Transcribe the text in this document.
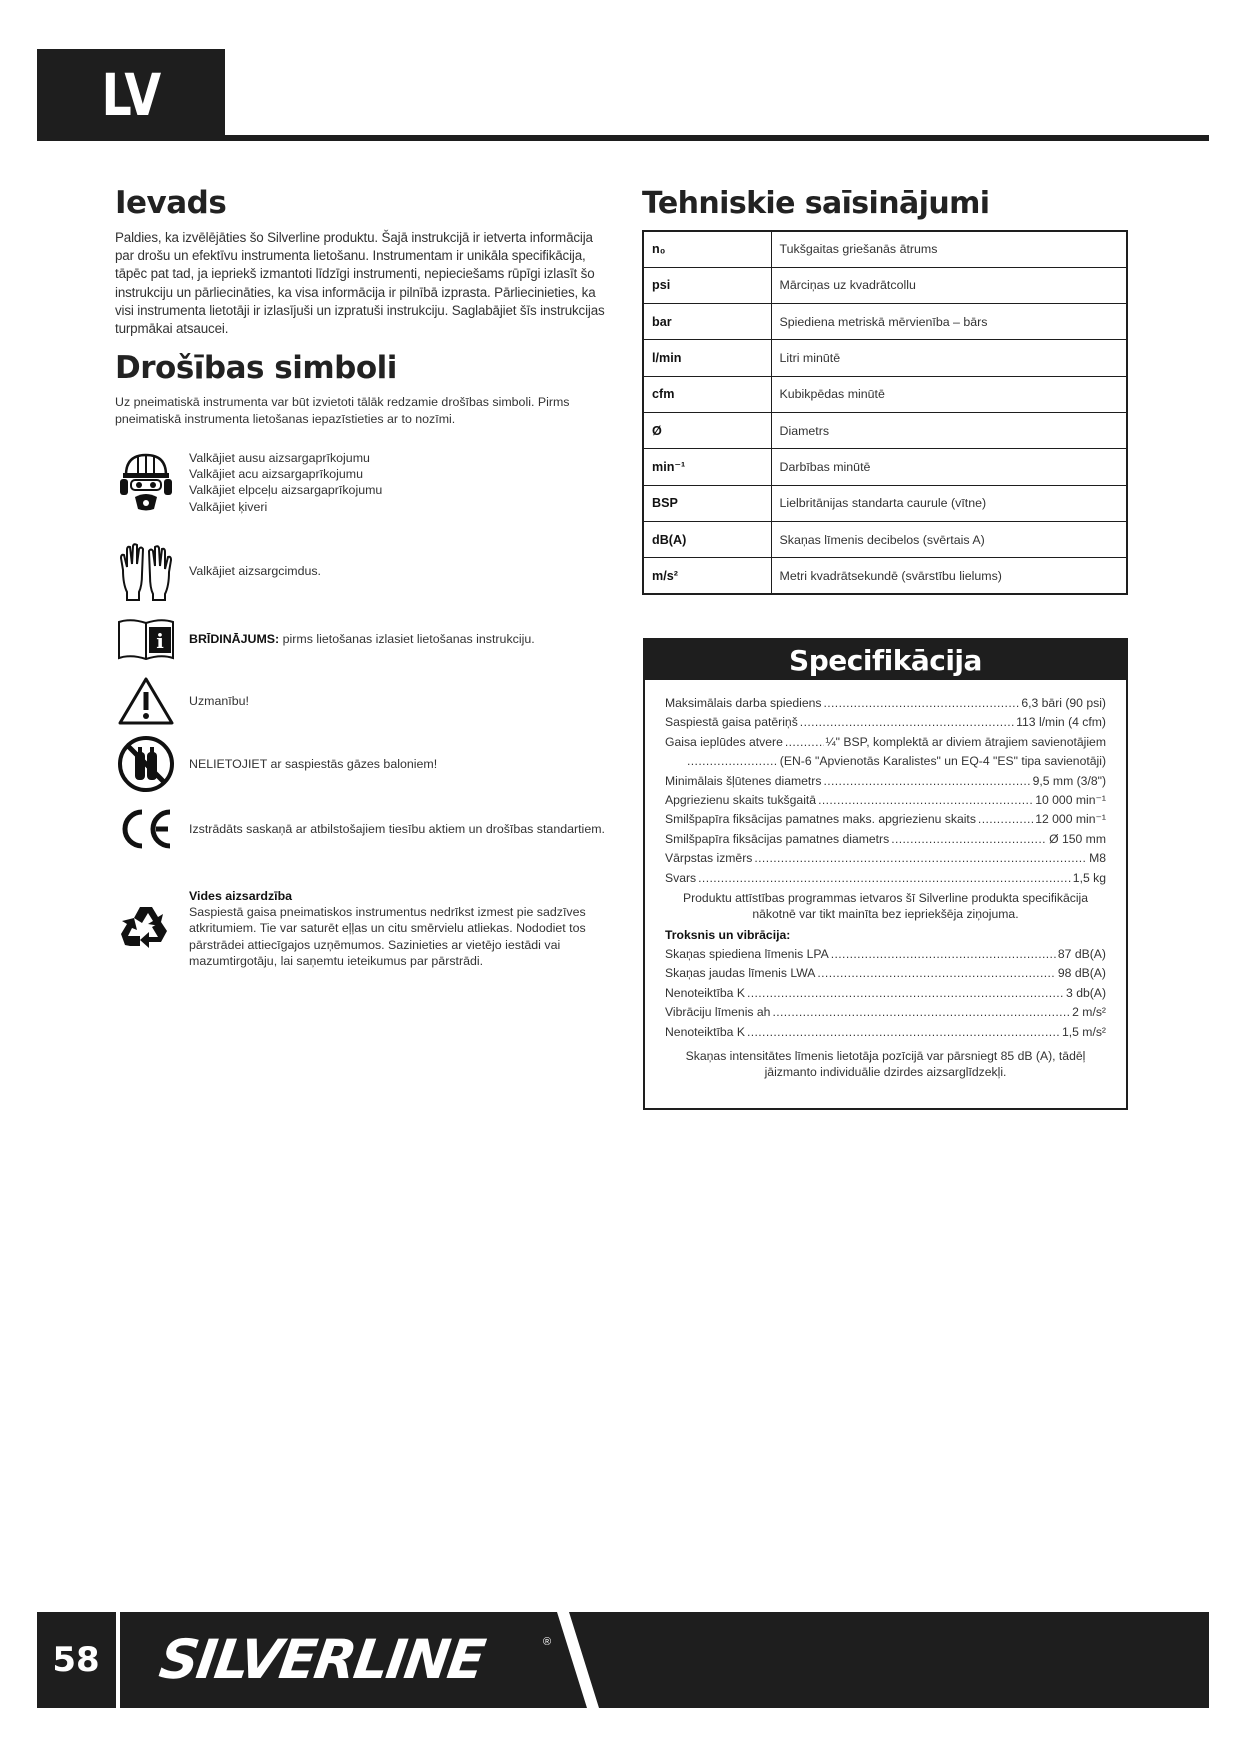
LV
Ievads

Paldies, ka izvēlējāties šo Silverline produktu. Šajā instrukcijā ir ietverta informācija par drošu un efektīvu instrumenta lietošanu. Instrumentam ir unikāla specifikācija, tāpēc pat tad, ja iepriekš izmantoti līdzīgi instrumenti, nepieciešams rūpīgi izlasīt šo instrukciju un pārliecināties, ka visa informācija ir pilnībā izprasta. Pārliecinieties, ka visi instrumenta lietotāji ir izlasījuši un izpratuši instrukciju. Saglabājiet šīs instrukcijas turpmākai atsaucei.

Drošības simboli

Uz pneimatiskā instrumenta var būt izvietoti tālāk redzamie drošības simboli. Pirms pneimatiskā instrumenta lietošanas iepazīstieties ar to nozīmi.

Valkājiet ausu aizsargaprīkojumu
Valkājiet acu aizsargaprīkojumu
Valkājiet elpceļu aizsargaprīkojumu
Valkājiet ķiveri
Valkājiet aizsargcimdus.
i BRĪDINĀJUMS: pirms lietošanas izlasiet lietošanas instrukciju.
Uzmanību!
NELIETOJIET ar saspiestās gāzes baloniem!
Izstrādāts saskaņā ar atbilstošajiem tiesību aktiem un drošības standartiem.
Vides aizsardzība
Saspiestā gaisa pneimatiskos instrumentus nedrīkst izmest pie sadzīves atkritumiem. Tie var saturēt eļļas un citu smērvielu atliekas. Nododiet tos pārstrādei attiecīgajos uzņēmumos. Sazinieties ar vietējo iestādi vai mazumtirgotāju, lai saņemtu ieteikumus par pārstrādi.
Tehniskie saīsinājumi
n₀	Tukšgaitas griešanās ātrums
psi	Mārciņas uz kvadrātcollu
bar	Spiediena metriskā mērvienība – bārs
l/min	Litri minūtē
cfm	Kubikpēdas minūtē
Ø	Diametrs
min⁻¹	Darbības minūtē
BSP	Lielbritānijas standarta caurule (vītne)
dB(A)	Skaņas līmenis decibelos (svērtais A)
m/s²	Metri kvadrātsekundē (svārstību lielums)
Specifikācija
Maksimālais darba spiediens . . .	6,3 bāri (90 psi)
Saspiestā gaisa patēriņš . . .	113 l/min (4 cfm)
Gaisa ieplūdes atvere . . .	¼" BSP, komplektā ar diviem ātrajiem savienotājiem
. . .
(EN-6 "Apvienotās Karalistes" un EQ-4 "ES" tipa savienotāji)
Minimālais šļūtenes diametrs . . .	9,5 mm (3/8")
Apgriezienu skaits tukšgaitā . . .	10 000 min⁻¹
Smilšpapīra fiksācijas pamatnes maks. apgriezienu skaits . . .	12 000 min⁻¹
Smilšpapīra fiksācijas pamatnes diametrs . . .	Ø 150 mm
Vārpstas izmērs . . .	M8
Svars . . .	1,5 kg
Produktu attīstības programmas ietvaros šī Silverline produkta specifikācija nākotnē var tikt mainīta bez iepriekšēja ziņojuma.
Troksnis un vibrācija:
Skaņas spiediena līmenis LPA . . .	87 dB(A)
Skaņas jaudas līmenis LWA . . .	98 dB(A)
Nenoteiktība K . . .	3 db(A)
Vibrāciju līmenis ah . . .	2 m/s²
Nenoteiktība K . . .	1,5 m/s²
Skaņas intensitātes līmenis lietotāja pozīcijā var pārsniegt 85 dB (A), tādēļ jāizmanto individuālie dzirdes aizsarglīdzekļi.
58 SILVERLINE	®
